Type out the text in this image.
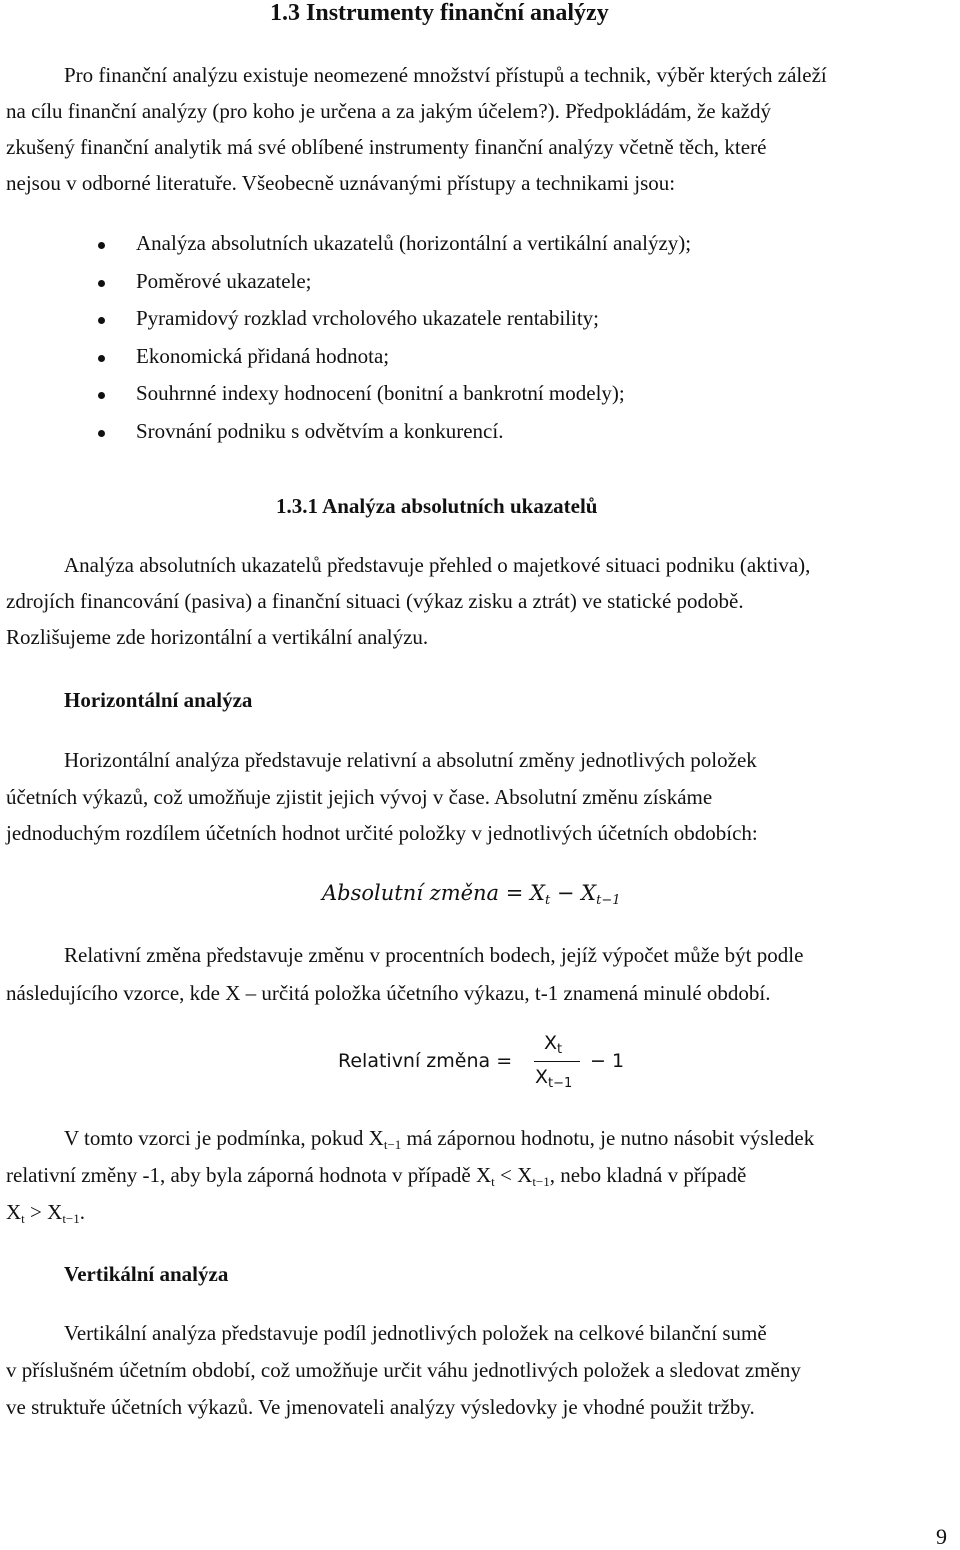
1.3 Instrumenty finanční analýzy
Pro finanční analýzu existuje neomezené množství přístupů a technik, výběr kterých záleží
na cílu finanční analýzy (pro koho je určena a za jakým účelem?). Předpokládám, že každý
zkušený finanční analytik má své oblíbené instrumenty finanční analýzy včetně těch, které
nejsou v odborné literatuře. Všeobecně uznávanými přístupy a technikami jsou:
Analýza absolutních ukazatelů (horizontální a vertikální analýzy);
Poměrové ukazatele;
Pyramidový rozklad vrcholového ukazatele rentability;
Ekonomická přidaná hodnota;
Souhrnné indexy hodnocení (bonitní a bankrotní modely);
Srovnání podniku s odvětvím a konkurencí.
1.3.1 Analýza absolutních ukazatelů
Analýza absolutních ukazatelů představuje přehled o majetkové situaci podniku (aktiva),
zdrojích financování (pasiva) a finanční situaci (výkaz zisku a ztrát) ve statické podobě.
Rozlišujeme zde horizontální a vertikální analýzu.
Horizontální analýza
Horizontální analýza představuje relativní a absolutní změny jednotlivých položek
účetních výkazů, což umožňuje zjistit jejich vývoj v čase. Absolutní změnu získáme
jednoduchým rozdílem účetních hodnot určité položky v jednotlivých účetních obdobích:
Absolutní změna = $X_t - X_{t-1}$
Relativní změna představuje změnu v procentních bodech, jejíž výpočet může být podle
následujícího vzorce, kde X – určitá položka účetního výkazu, t-1 znamená minulé období.
Relativní změna =
$X_t$
$X_{t-1}$
− 1
V tomto vzorci je podmínka, pokud $X_{t-1}$ má zápornou hodnotu, je nutno násobit výsledek
relativní změny -1, aby byla záporná hodnota v případě $X_t < X_{t-1}$, nebo kladná v případě
$X_t > X_{t-1}$.
Vertikální analýza
Vertikální analýza představuje podíl jednotlivých položek na celkové bilanční sumě
v příslušném účetním období, což umožňuje určit váhu jednotlivých položek a sledovat změny
ve struktuře účetních výkazů. Ve jmenovateli analýzy výsledovky je vhodné použit tržby.
9
